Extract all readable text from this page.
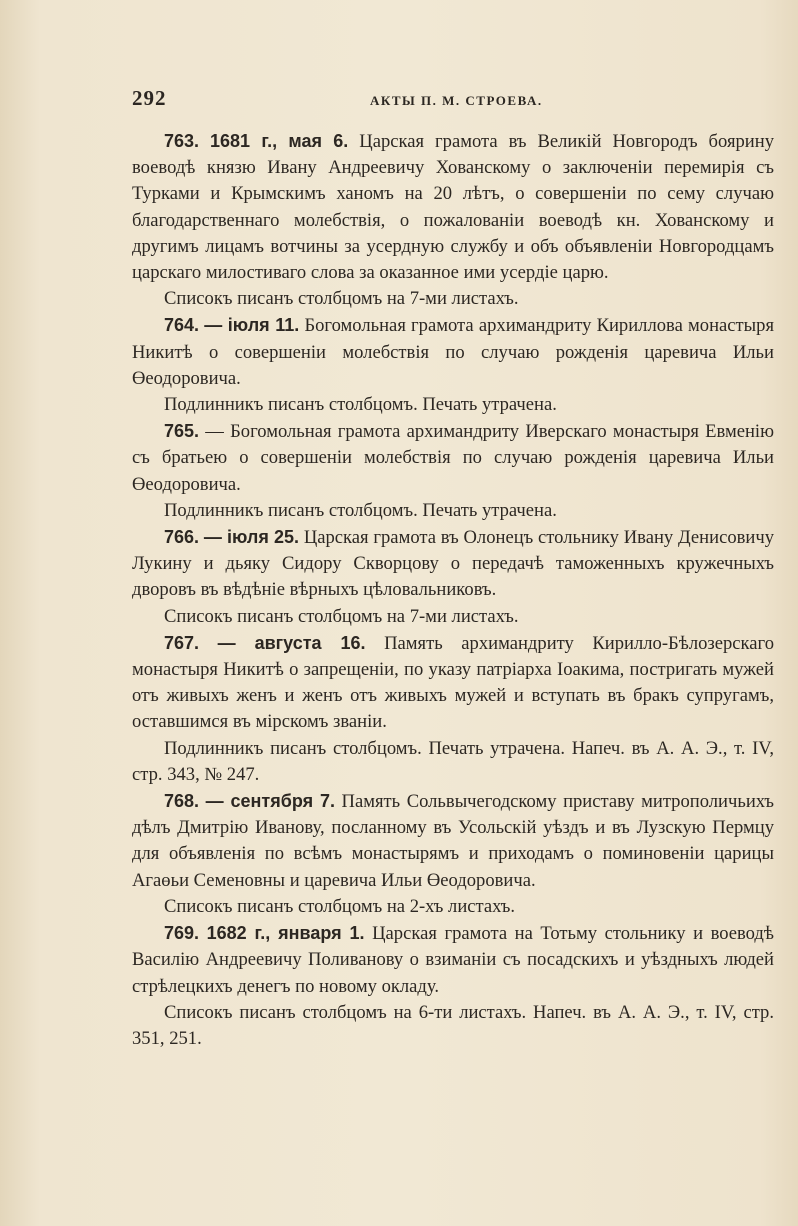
292	АКТЫ П. М. СТРОЕВА.

763. 1681 г., мая 6. Царская грамота въ Великій Новгородъ боярину воеводѣ князю Ивану Андреевичу Хованскому о заключеніи перемирія съ Турками и Крымскимъ ханомъ на 20 лѣтъ, о совершеніи по сему случаю благодарственнаго молебствія, о пожалованіи воеводѣ кн. Хованскому и другимъ лицамъ вотчины за усердную службу и объ объявленіи Новгородцамъ царскаго милостиваго слова за оказанное ими усердіе царю.

Списокъ писанъ столбцомъ на 7-ми листахъ.

764. — іюля 11. Богомольная грамота архимандриту Кириллова монастыря Никитѣ о совершеніи молебствія по случаю рожденія царевича Ильи Өеодоровича.

Подлинникъ писанъ столбцомъ. Печать утрачена.

765. — Богомольная грамота архимандриту Иверскаго монастыря Евменію съ братьею о совершеніи молебствія по случаю рожденія царевича Ильи Өеодоровича.

Подлинникъ писанъ столбцомъ. Печать утрачена.

766. — іюля 25. Царская грамота въ Олонецъ стольнику Ивану Денисовичу Лукину и дьяку Сидору Скворцову о передачѣ таможенныхъ кружечныхъ дворовъ въ вѣдѣніе вѣрныхъ цѣловальниковъ.

Списокъ писанъ столбцомъ на 7-ми листахъ.

767. — августа 16. Память архимандриту Кирилло-Бѣлозерскаго монастыря Никитѣ о запрещеніи, по указу патріарха Іоакима, постригать мужей отъ живыхъ женъ и женъ отъ живыхъ мужей и вступать въ бракъ супругамъ, оставшимся въ мірскомъ званіи.

Подлинникъ писанъ столбцомъ. Печать утрачена. Напеч. въ А. А. Э., т. IV, стр. 343, № 247.

768. — сентября 7. Память Сольвычегодскому приставу митрополичьихъ дѣлъ Дмитрію Иванову, посланному въ Усольскій уѣздъ и въ Лузскую Пермцу для объявленія по всѣмъ монастырямъ и приходамъ о поминовеніи царицы Агаөьи Семеновны и царевича Ильи Өеодоровича.

Списокъ писанъ столбцомъ на 2-хъ листахъ.

769. 1682 г., января 1. Царская грамота на Тотьму стольнику и воеводѣ Василію Андреевичу Поливанову о взиманіи съ посадскихъ и уѣздныхъ людей стрѣлецкихъ денегъ по новому окладу.

Списокъ писанъ столбцомъ на 6-ти листахъ. Напеч. въ А. А. Э., т. IV, стр. 351, 251.
